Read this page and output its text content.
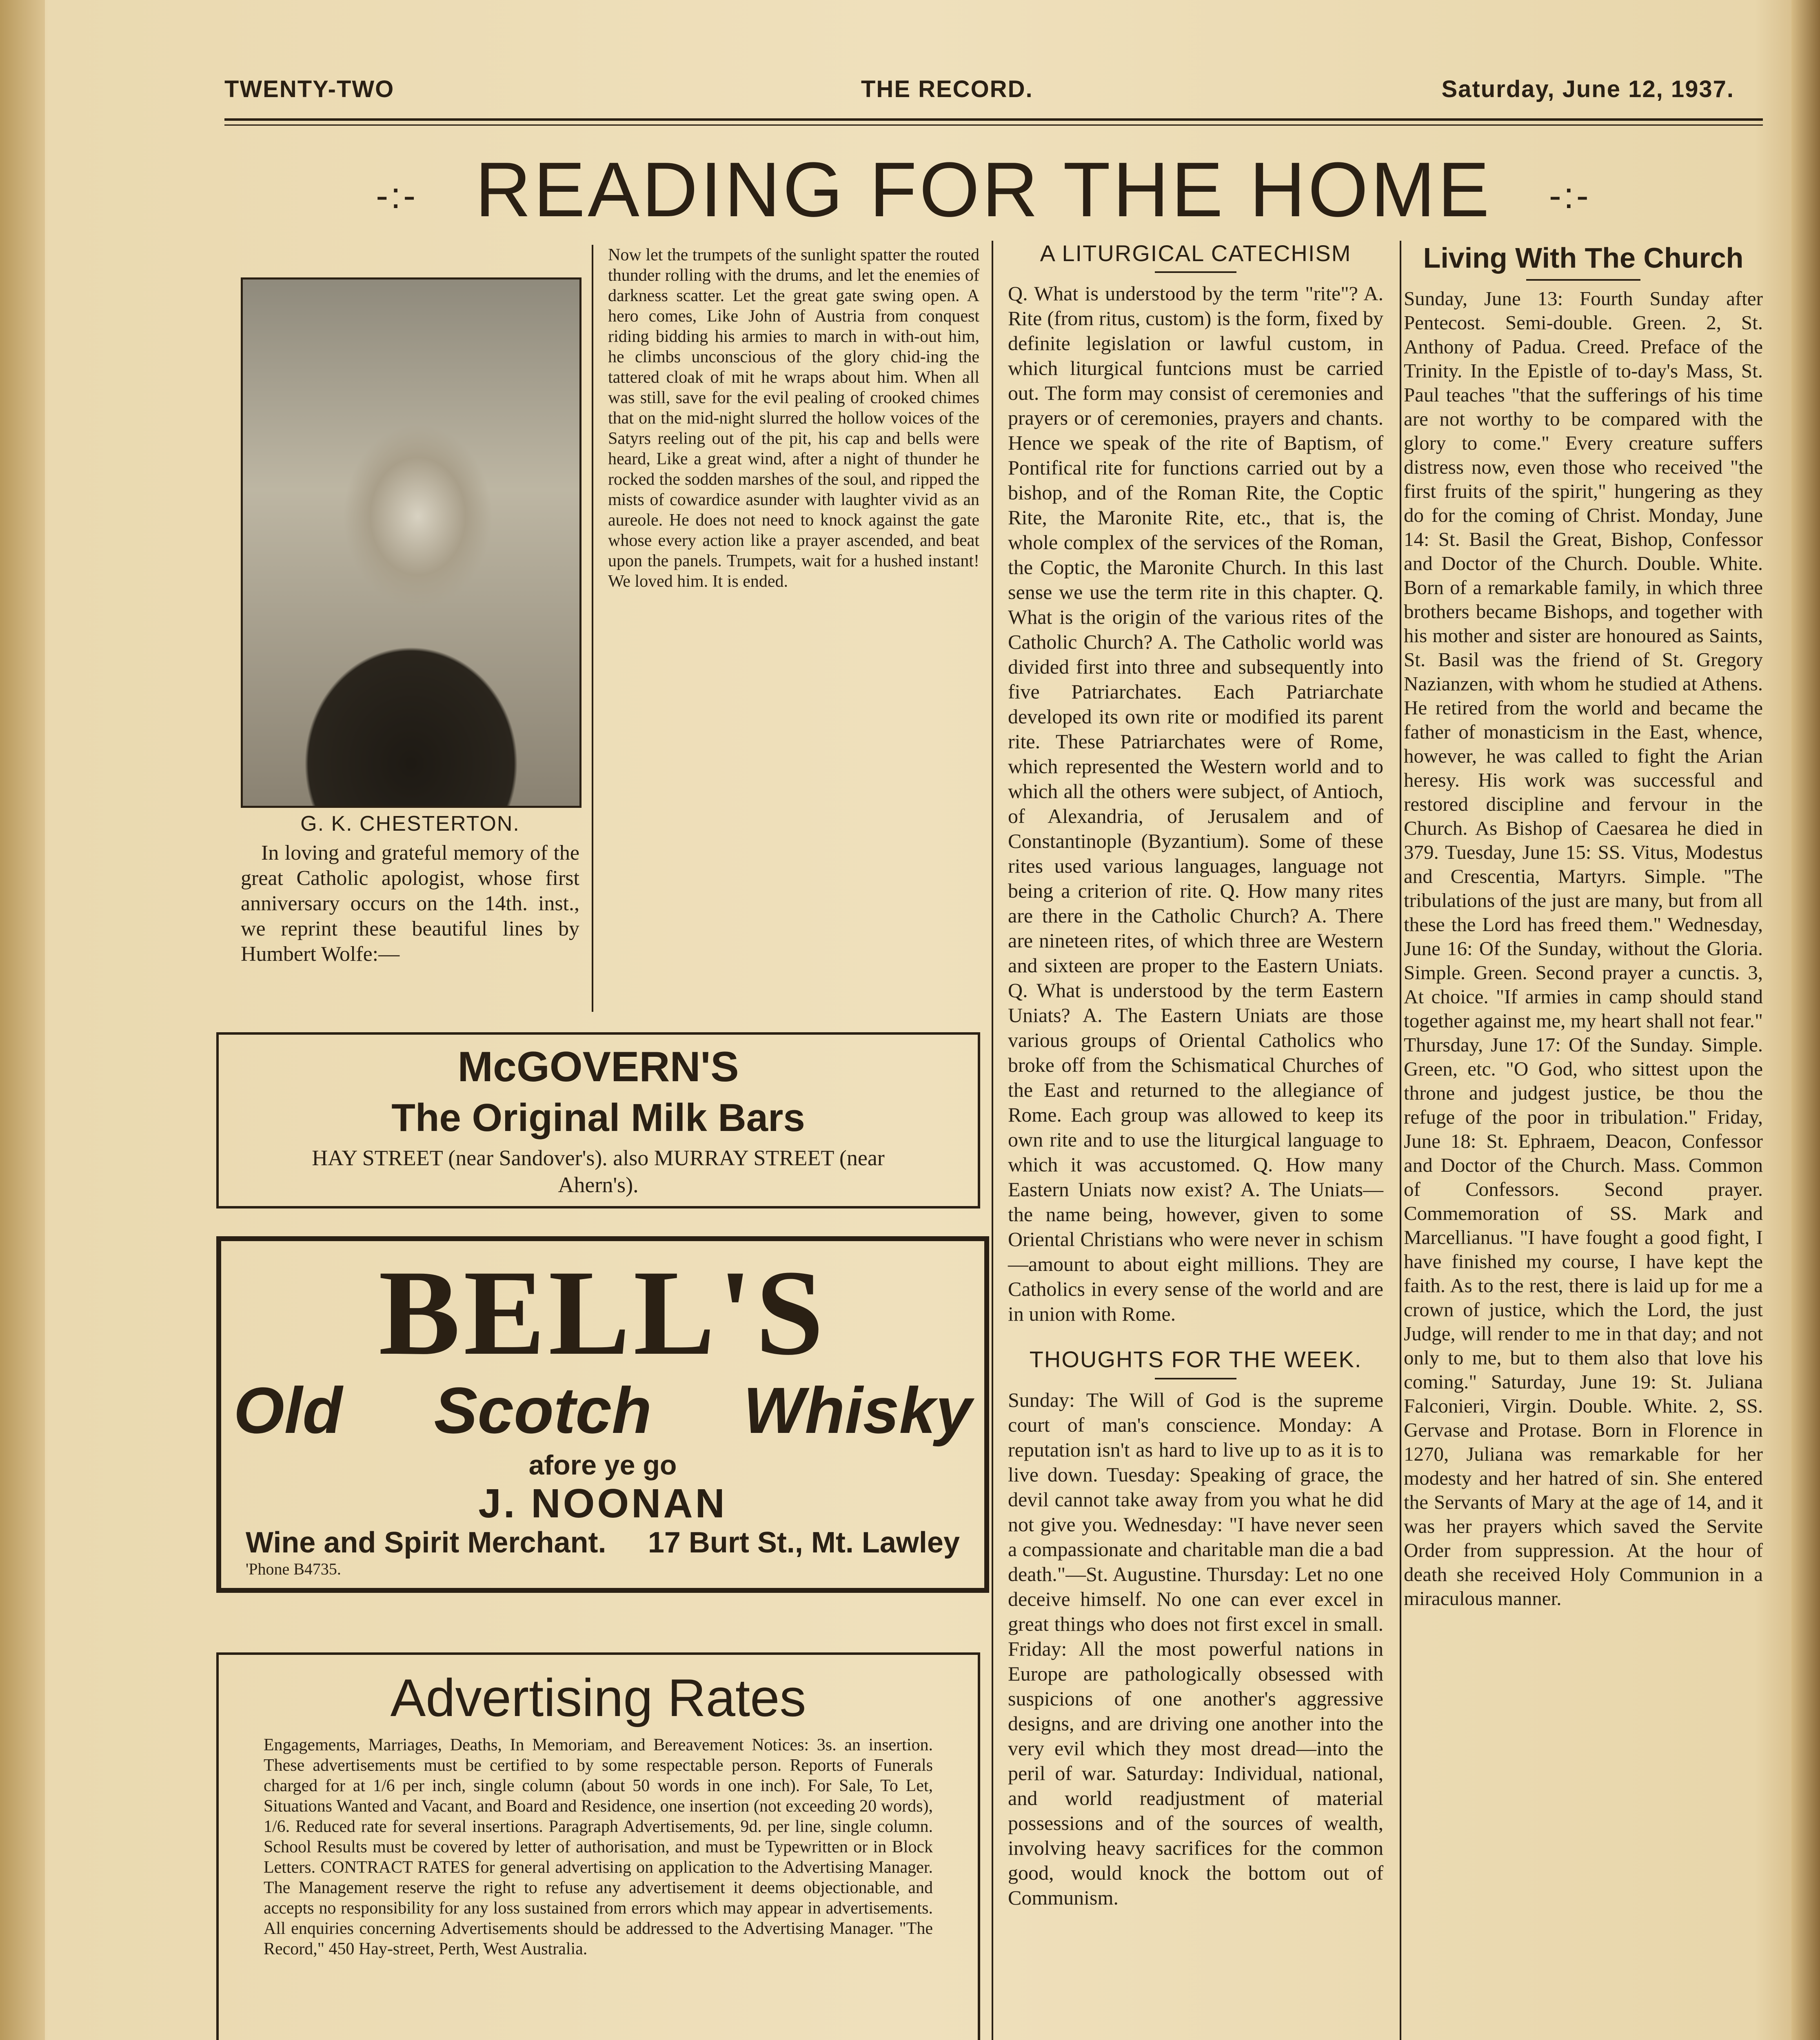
TWENTY-TWO	THE RECORD.	Saturday, June 12, 1937.
-:- READING FOR THE HOME -:-

G. K. CHESTERTON.

In loving and grateful memory of the great Catholic apologist, whose first anniversary occurs on the 14th. inst., we reprint these beautiful lines by Humbert Wolfe:—

Now let the trumpets of the sunlight spatter the routed thunder rolling with the drums, and let the enemies of darkness scatter. Let the great gate swing open. A hero comes, Like John of Austria from conquest riding bidding his armies to march in with-out him, he climbs unconscious of the glory chid-ing the tattered cloak of mit he wraps about him. When all was still, save for the evil pealing of crooked chimes that on the mid-night slurred the hollow voices of the Satyrs reeling out of the pit, his cap and bells were heard, Like a great wind, after a night of thunder he rocked the sodden marshes of the soul, and ripped the mists of cowardice asunder with laughter vivid as an aureole. He does not need to knock against the gate whose every action like a prayer ascended, and beat upon the panels. Trumpets, wait for a hushed instant! We loved him. It is ended.

McGOVERN'S
The Original Milk Bars
HAY STREET (near Sandover's). also MURRAY STREET (near Ahern's).
BELL'S
Old Scotch Whisky
afore ye go
J. NOONAN
Wine and Spirit Merchant. 17 Burt St., Mt. Lawley
'Phone B4735.
Advertising Rates
Engagements, Marriages, Deaths, In Memoriam, and Bereavement Notices: 3s. an insertion. These advertisements must be certified to by some respectable person. Reports of Funerals charged for at 1/6 per inch, single column (about 50 words in one inch). For Sale, To Let, Situations Wanted and Vacant, and Board and Residence, one insertion (not exceeding 20 words), 1/6. Reduced rate for several insertions. Paragraph Advertisements, 9d. per line, single column. School Results must be covered by letter of authorisation, and must be Typewritten or in Block Letters. CONTRACT RATES for general advertising on application to the Advertising Manager. The Management reserve the right to refuse any advertisement it deems objectionable, and accepts no responsibility for any loss sustained from errors which may appear in advertisements. All enquiries concerning Advertisements should be addressed to the Advertising Manager. "The Record," 450 Hay-street, Perth, West Australia.

A LITURGICAL CATECHISM

Q. What is understood by the term "rite"? A. Rite (from ritus, custom) is the form, fixed by definite legislation or lawful custom, in which liturgical funtcions must be carried out. The form may consist of ceremonies and prayers or of ceremonies, prayers and chants. Hence we speak of the rite of Baptism, of Pontifical rite for functions carried out by a bishop, and of the Roman Rite, the Coptic Rite, the Maronite Rite, etc., that is, the whole complex of the services of the Roman, the Coptic, the Maronite Church. In this last sense we use the term rite in this chapter. Q. What is the origin of the various rites of the Catholic Church? A. The Catholic world was divided first into three and subsequently into five Patriarchates. Each Patriarchate developed its own rite or modified its parent rite. These Patriarchates were of Rome, which represented the Western world and to which all the others were subject, of Antioch, of Alexandria, of Jerusalem and of Constantinople (Byzantium). Some of these rites used various languages, language not being a criterion of rite. Q. How many rites are there in the Catholic Church? A. There are nineteen rites, of which three are Western and sixteen are proper to the Eastern Uniats. Q. What is understood by the term Eastern Uniats? A. The Eastern Uniats are those various groups of Oriental Catholics who broke off from the Schismatical Churches of the East and returned to the allegiance of Rome. Each group was allowed to keep its own rite and to use the liturgical language to which it was accustomed. Q. How many Eastern Uniats now exist? A. The Uniats—the name being, however, given to some Oriental Christians who were never in schism—amount to about eight millions. They are Catholics in every sense of the world and are in union with Rome.

THOUGHTS FOR THE WEEK.

Sunday: The Will of God is the supreme court of man's conscience. Monday: A reputation isn't as hard to live up to as it is to live down. Tuesday: Speaking of grace, the devil cannot take away from you what he did not give you. Wednesday: "I have never seen a compassionate and charitable man die a bad death."—St. Augustine. Thursday: Let no one deceive himself. No one can ever excel in great things who does not first excel in small. Friday: All the most powerful nations in Europe are pathologically obsessed with suspicions of one another's aggressive designs, and are driving one another into the very evil which they most dread—into the peril of war. Saturday: Individual, national, and world readjustment of material possessions and of the sources of wealth, involving heavy sacrifices for the common good, would knock the bottom out of Communism.

Living With The Church

Sunday, June 13: Fourth Sunday after Pentecost. Semi-double. Green. 2, St. Anthony of Padua. Creed. Preface of the Trinity. In the Epistle of to-day's Mass, St. Paul teaches "that the sufferings of his time are not worthy to be compared with the glory to come." Every creature suffers distress now, even those who received "the first fruits of the spirit," hungering as they do for the coming of Christ. Monday, June 14: St. Basil the Great, Bishop, Confessor and Doctor of the Church. Double. White. Born of a remarkable family, in which three brothers became Bishops, and together with his mother and sister are honoured as Saints, St. Basil was the friend of St. Gregory Nazianzen, with whom he studied at Athens. He retired from the world and became the father of monasticism in the East, whence, however, he was called to fight the Arian heresy. His work was successful and restored discipline and fervour in the Church. As Bishop of Caesarea he died in 379. Tuesday, June 15: SS. Vitus, Modestus and Crescentia, Martyrs. Simple. "The tribulations of the just are many, but from all these the Lord has freed them." Wednesday, June 16: Of the Sunday, without the Gloria. Simple. Green. Second prayer a cunctis. 3, At choice. "If armies in camp should stand together against me, my heart shall not fear." Thursday, June 17: Of the Sunday. Simple. Green, etc. "O God, who sittest upon the throne and judgest justice, be thou the refuge of the poor in tribulation." Friday, June 18: St. Ephraem, Deacon, Confessor and Doctor of the Church. Mass. Common of Confessors. Second prayer. Commemoration of SS. Mark and Marcellianus. "I have fought a good fight, I have finished my course, I have kept the faith. As to the rest, there is laid up for me a crown of justice, which the Lord, the just Judge, will render to me in that day; and not only to me, but to them also that love his coming." Saturday, June 19: St. Juliana Falconieri, Virgin. Double. White. 2, SS. Gervase and Protase. Born in Florence in 1270, Juliana was remarkable for her modesty and her hatred of sin. She entered the Servants of Mary at the age of 14, and it was her prayers which saved the Servite Order from suppression. At the hour of death she received Holy Communion in a miraculous manner.
